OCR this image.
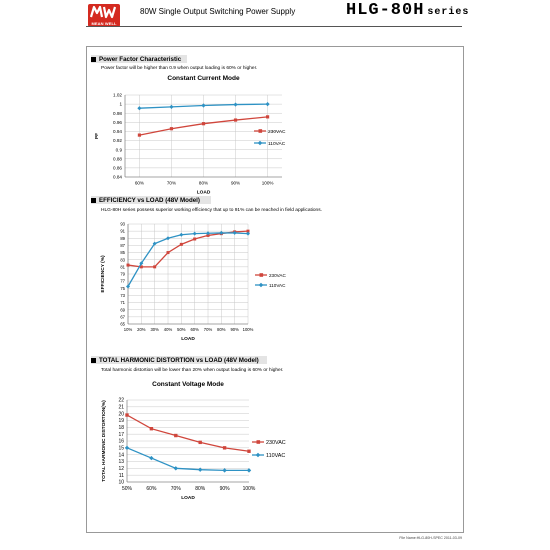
MEAN WELL
80W Single Output Switching Power Supply	HLG-80H series
Power Factor Characteristic
Power factor will be higher than 0.9 when output loading is 60% or higher.
Constant Current Mode
0.84
0.86
0.88
0.9
0.92
0.94
0.96
0.98
1
1.02
60%	70%	80%	90%	100%
LOAD
PF
230VAC
110VAC
EFFICIENCY vs LOAD (48V Model)
HLG-80H series possess superior working efficiency that up to 91% can be reached in field applications.
65
67
69
71
73
75
77
79
81
83
85
87
89
91
93
10% 20% 30% 40% 50% 60% 70% 80% 90% 100%
LOAD
EFFICIENCY (%)	230VAC
110VAC
TOTAL HARMONIC DISTORTION vs LOAD (48V Model)
Total harmonic distortion will be lower than 20% when output loading is 60% or higher.
Constant Voltage Mode
10
11
12
13
14
15
16
17
18
19
20
21
22
50%	60%	70%	80%	90%	100%
LOAD
TOTAL HARMONIC DISTORTION(%)	230VAC
110VAC
File Name:HLG-80H-SPEC 2011-03-09
